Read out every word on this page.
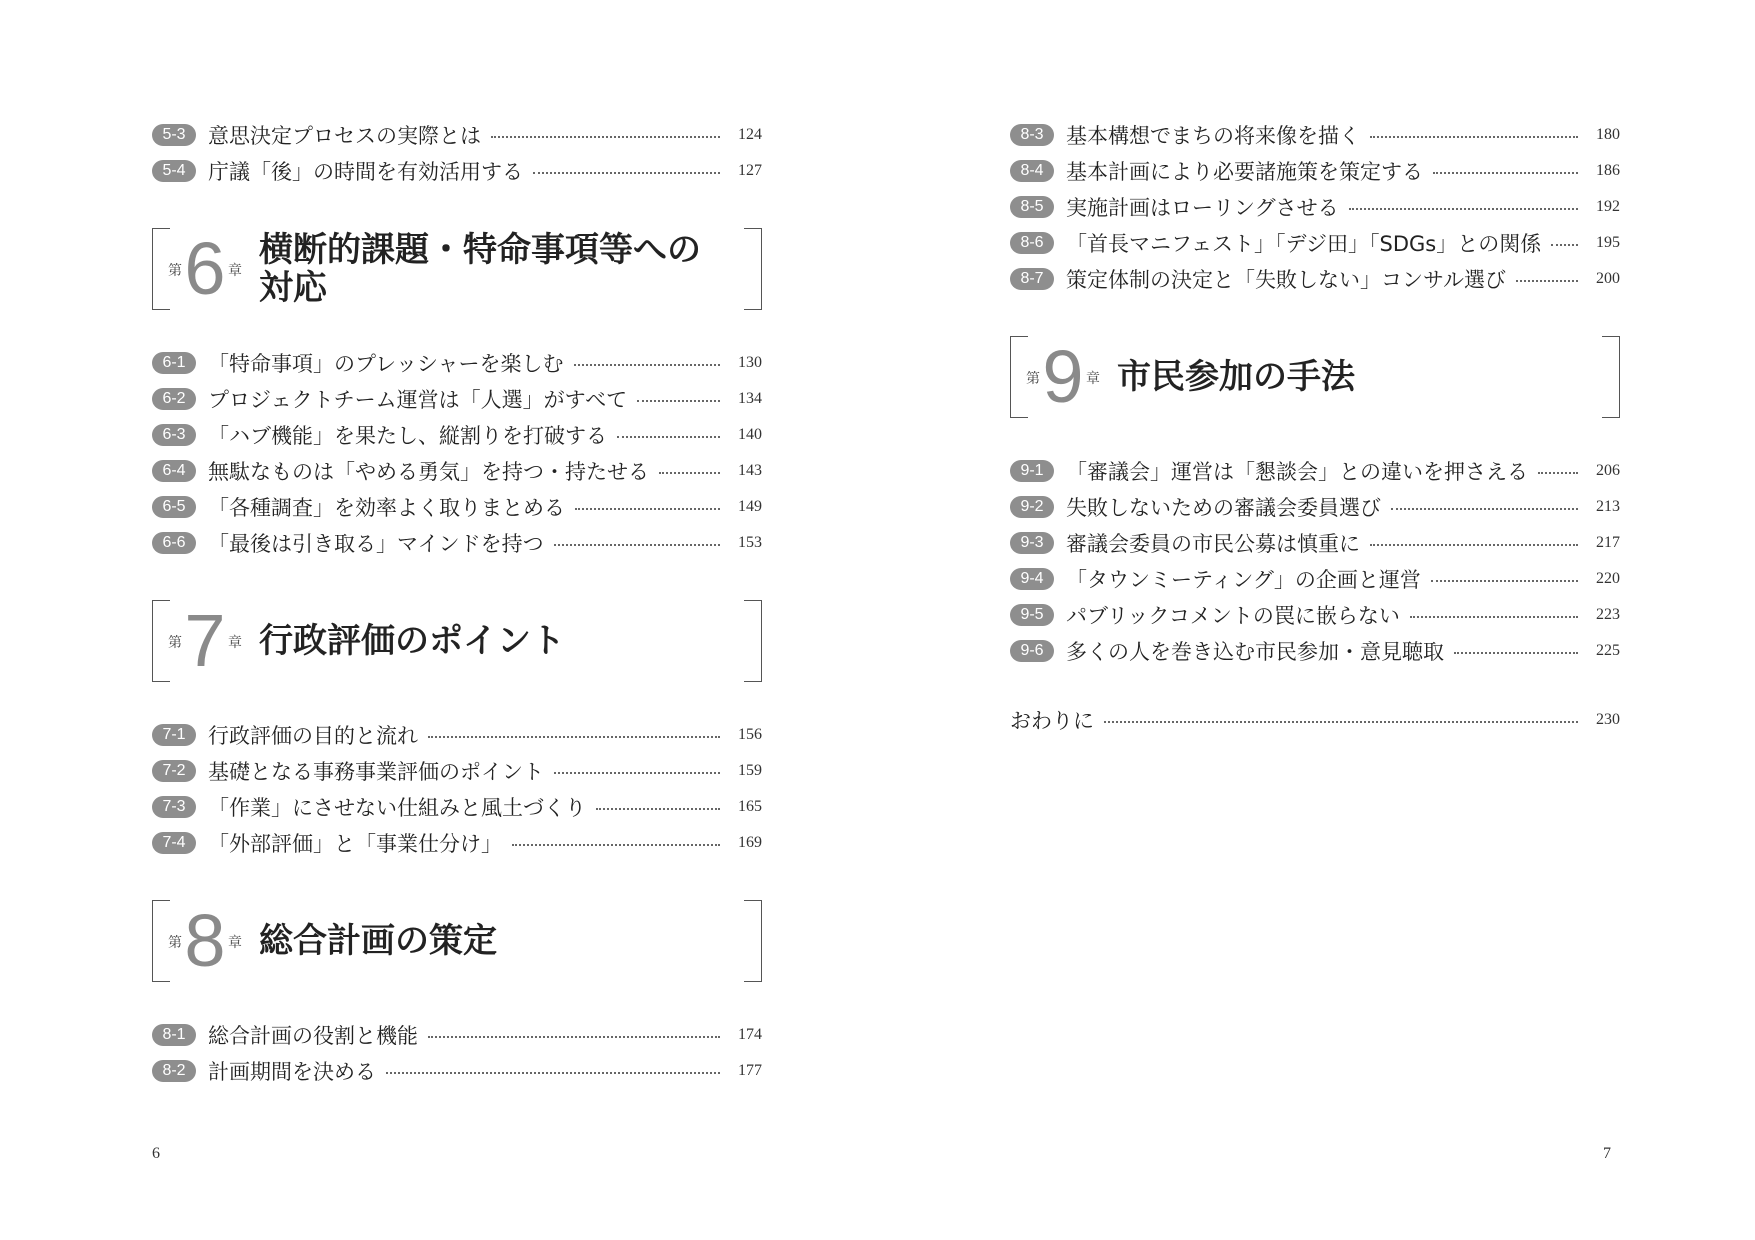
5-3	意思決定プロセスの実際とは	124
5-4	庁議「後」の時間を有効活用する	127
第 6 章
横断的課題・特命事項等への
対応
6-1	「特命事項」のプレッシャーを楽しむ	130
6-2	プロジェクトチーム運営は「人選」がすべて	134
6-3	「ハブ機能」を果たし、縦割りを打破する	140
6-4	無駄なものは「やめる勇気」を持つ・持たせる	143
6-5	「各種調査」を効率よく取りまとめる	149
6-6	「最後は引き取る」マインドを持つ	153
第 7 章 行政評価のポイント
7-1	行政評価の目的と流れ	156
7-2	基礎となる事務事業評価のポイント	159
7-3	「作業」にさせない仕組みと風土づくり	165
7-4	「外部評価」と「事業仕分け」	169
第 8 章 総合計画の策定
8-1	総合計画の役割と機能	174
8-2	計画期間を決める	177
6
8-3	基本構想でまちの将来像を描く	180
8-4	基本計画により必要諸施策を策定する	186
8-5	実施計画はローリングさせる	192
8-6	「首長マニフェスト」「デジ田」「SDGs」との関係	195
8-7	策定体制の決定と「失敗しない」コンサル選び	200
第 9 章 市民参加の手法
9-1	「審議会」運営は「懇談会」との違いを押さえる	206
9-2	失敗しないための審議会委員選び	213
9-3	審議会委員の市民公募は慎重に	217
9-4	「タウンミーティング」の企画と運営	220
9-5	パブリックコメントの罠に嵌らない	223
9-6	多くの人を巻き込む市民参加・意見聴取	225
おわりに	230
7
